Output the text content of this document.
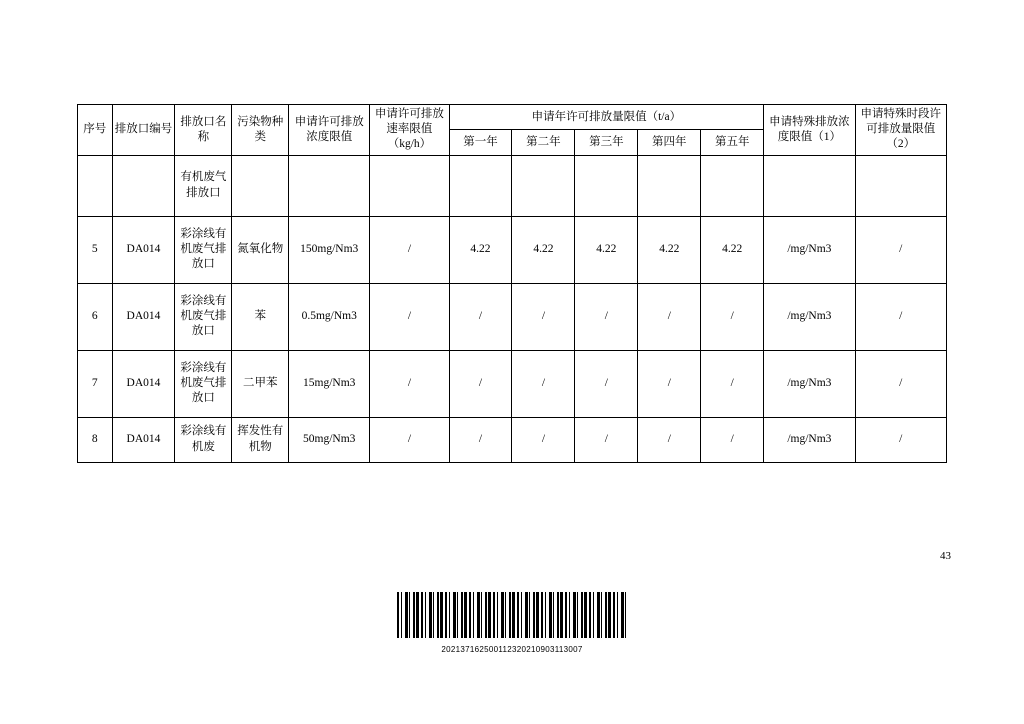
序号	排放口编号	排放口名称	污染物种类	申请许可排放浓度限值	申请许可排放速率限值（kg/h）	申请年许可排放量限值（t/a）					申请特殊排放浓度限值（1）	申请特殊时段许可排放量限值（2）
						第一年	第二年	第三年	第四年	第五年		
		有机废气排放口										
5	DA014	彩涂线有机废气排放口	氮氧化物	150mg/Nm3	/	4.22	4.22	4.22	4.22	4.22	/mg/Nm3	/
6	DA014	彩涂线有机废气排放口	苯	0.5mg/Nm3	/	/	/	/	/	/	/mg/Nm3	/
7	DA014	彩涂线有机废气排放口	二甲苯	15mg/Nm3	/	/	/	/	/	/	/mg/Nm3	/
8	DA014	彩涂线有机废	挥发性有机物	50mg/Nm3	/	/	/	/	/	/	/mg/Nm3	/
43
202137162500112320210903113007
